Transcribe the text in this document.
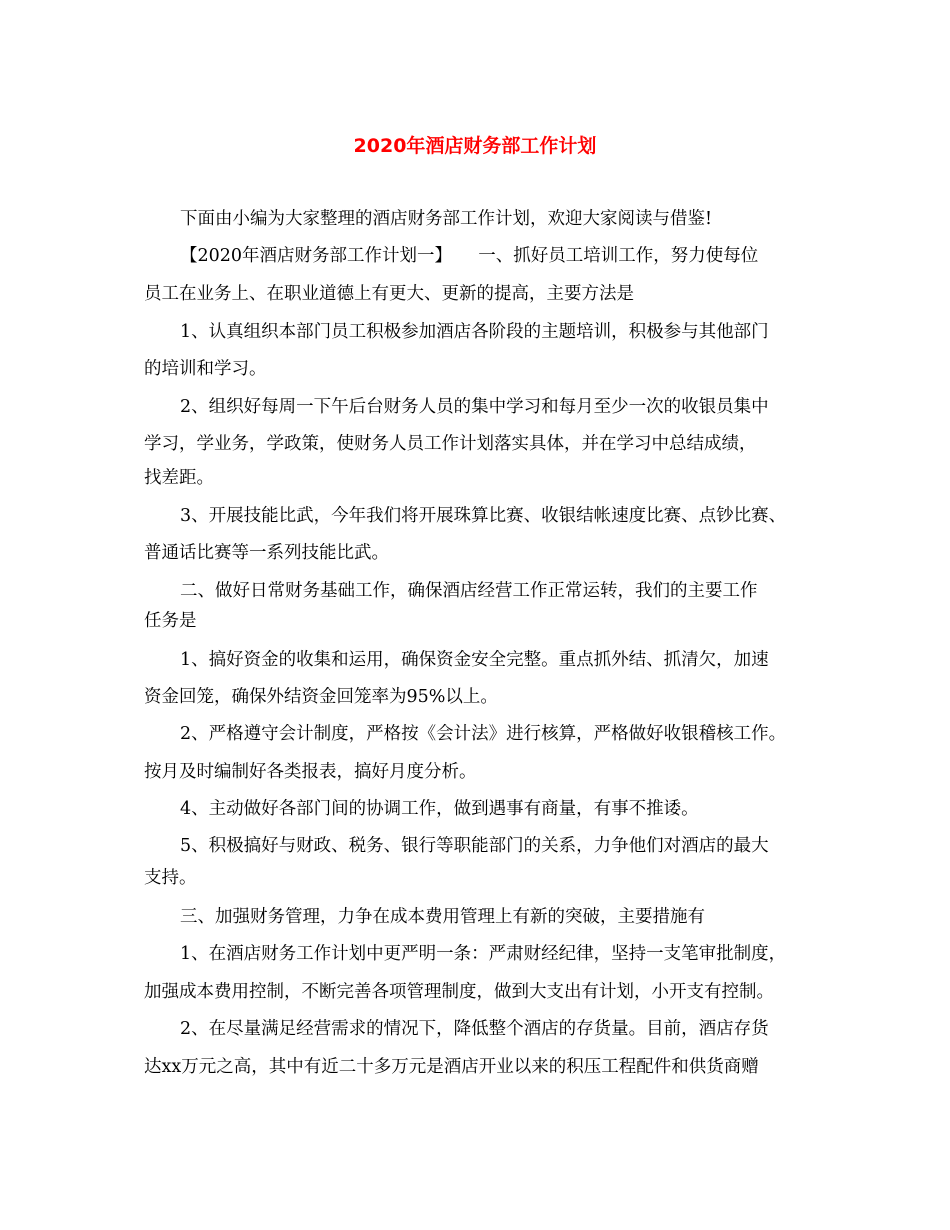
2020年酒店财务部工作计划
下面由小编为大家整理的酒店财务部工作计划，欢迎大家阅读与借鉴!
【2020年酒店财务部工作计划一】　　一、抓好员工培训工作，努力使每位
员工在业务上、在职业道德上有更大、更新的提高，主要方法是
1、认真组织本部门员工积极参加酒店各阶段的主题培训，积极参与其他部门
的培训和学习。
2、组织好每周一下午后台财务人员的集中学习和每月至少一次的收银员集中
学习，学业务，学政策，使财务人员工作计划落实具体，并在学习中总结成绩，
找差距。
3、开展技能比武，今年我们将开展珠算比赛、收银结帐速度比赛、点钞比赛、
普通话比赛等一系列技能比武。
二、做好日常财务基础工作，确保酒店经营工作正常运转，我们的主要工作
任务是
1、搞好资金的收集和运用，确保资金安全完整。重点抓外结、抓清欠，加速
资金回笼，确保外结资金回笼率为95%以上。
2、严格遵守会计制度，严格按《会计法》进行核算，严格做好收银稽核工作。
按月及时编制好各类报表，搞好月度分析。
4、主动做好各部门间的协调工作，做到遇事有商量，有事不推诿。
5、积极搞好与财政、税务、银行等职能部门的关系，力争他们对酒店的最大
支持。
三、加强财务管理，力争在成本费用管理上有新的突破，主要措施有
1、在酒店财务工作计划中更严明一条：严肃财经纪律，坚持一支笔审批制度，
加强成本费用控制，不断完善各项管理制度，做到大支出有计划，小开支有控制。
2、在尽量满足经营需求的情况下，降低整个酒店的存货量。目前，酒店存货
达xx万元之高，其中有近二十多万元是酒店开业以来的积压工程配件和供货商赠
